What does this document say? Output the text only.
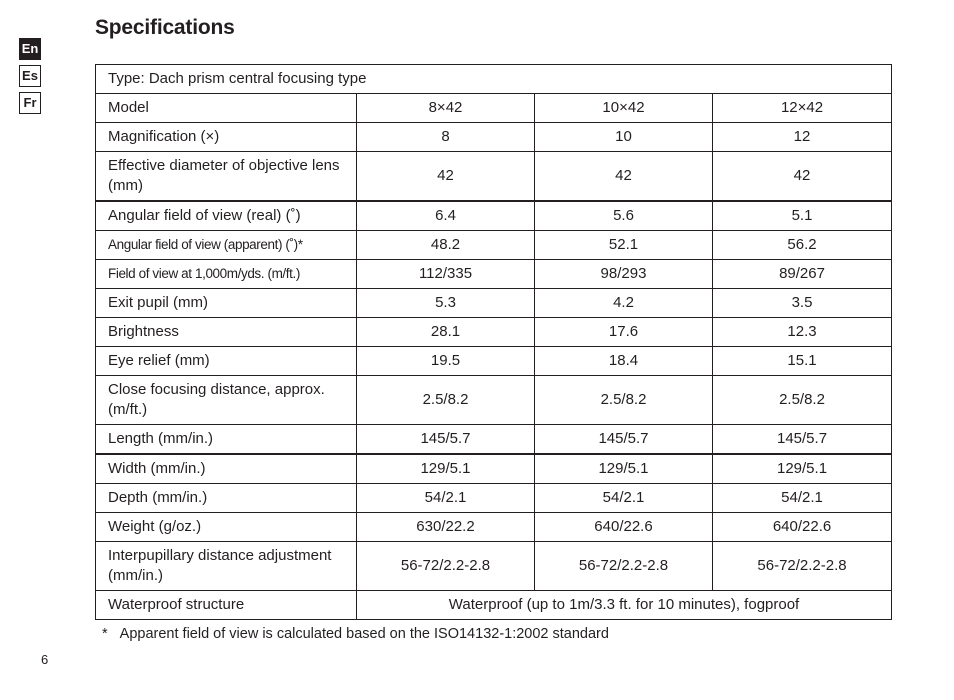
En
Es
Fr
Specifications
Type: Dach prism central focusing type			
Model	8×42	10×42	12×42
Magnification (×)	8	10	12
Effective diameter of objective lens (mm)	42	42	42
Angular field of view (real) (˚)	6.4	5.6	5.1
Angular field of view (apparent) (˚)*	48.2	52.1	56.2
Field of view at 1,000m/yds. (m/ft.)	112/335	98/293	89/267
Exit pupil (mm)	5.3	4.2	3.5
Brightness	28.1	17.6	12.3
Eye relief (mm)	19.5	18.4	15.1
Close focusing distance, approx. (m/ft.)	2.5/8.2	2.5/8.2	2.5/8.2
Length (mm/in.)	145/5.7	145/5.7	145/5.7
Width (mm/in.)	129/5.1	129/5.1	129/5.1
Depth (mm/in.)	54/2.1	54/2.1	54/2.1
Weight (g/oz.)	630/22.2	640/22.6	640/22.6
Interpupillary distance adjustment (mm/in.)	56-72/2.2-2.8	56-72/2.2-2.8	56-72/2.2-2.8
Waterproof structure	Waterproof (up to 1m/3.3 ft. for 10 minutes), fogproof		
* Apparent field of view is calculated based on the ISO14132-1:2002 standard
6
